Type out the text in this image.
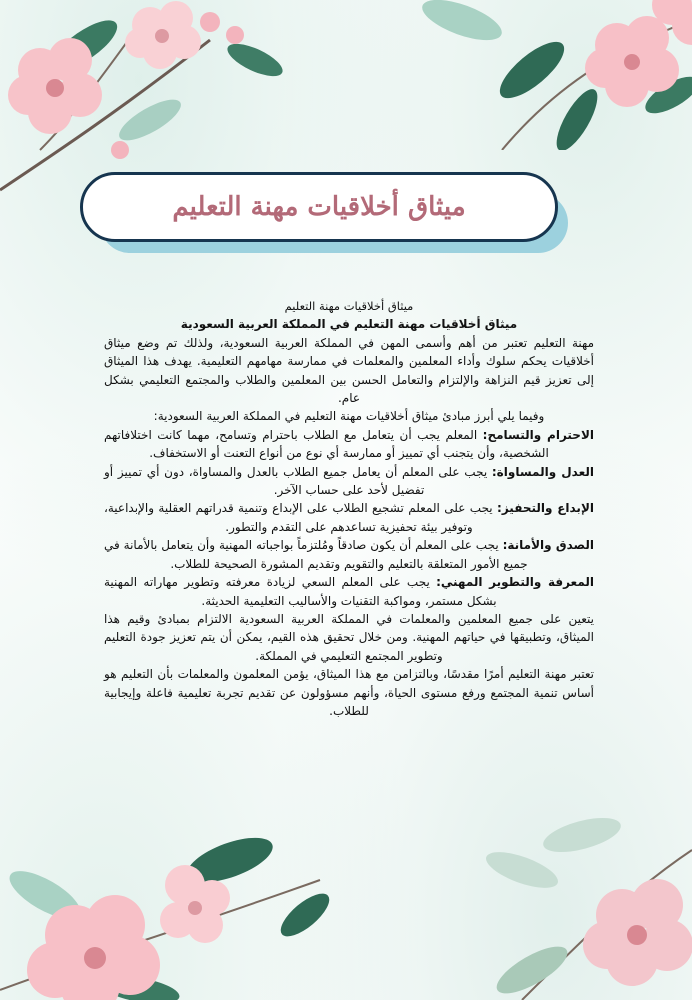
ميثاق أخلاقيات مهنة التعليم

ميثاق أخلاقيات مهنة التعليم

ميثاق أخلاقيات مهنة التعليم في المملكة العربية السعودية

مهنة التعليم تعتبر من أهم وأسمى المهن في المملكة العربية السعودية، ولذلك تم وضع ميثاق أخلاقيات يحكم سلوك وأداء المعلمين والمعلمات في ممارسة مهامهم التعليمية. يهدف هذا الميثاق إلى تعزيز قيم النزاهة والإلتزام والتعامل الحسن بين المعلمين والطلاب والمجتمع التعليمي بشكل عام.

وفيما يلي أبرز مبادئ ميثاق أخلاقيات مهنة التعليم في المملكة العربية السعودية:

الاحترام والتسامح: المعلم يجب أن يتعامل مع الطلاب باحترام وتسامح، مهما كانت اختلافاتهم الشخصية، وأن يتجنب أي تمييز أو ممارسة أي نوع من أنواع التعنت أو الاستخفاف.

العدل والمساواة: يجب على المعلم أن يعامل جميع الطلاب بالعدل والمساواة، دون أي تمييز أو تفضيل لأحد على حساب الآخر.

الإبداع والتحفيز: يجب على المعلم تشجيع الطلاب على الإبداع وتنمية قدراتهم العقلية والإبداعية، وتوفير بيئة تحفيزية تساعدهم على التقدم والتطور.

الصدق والأمانة: يجب على المعلم أن يكون صادقاً ومُلتزماً بواجباته المهنية وأن يتعامل بالأمانة في جميع الأمور المتعلقة بالتعليم والتقويم وتقديم المشورة الصحيحة للطلاب.

المعرفة والتطوير المهني: يجب على المعلم السعي لزيادة معرفته وتطوير مهاراته المهنية بشكل مستمر، ومواكبة التقنيات والأساليب التعليمية الحديثة.

يتعين على جميع المعلمين والمعلمات في المملكة العربية السعودية الالتزام بمبادئ وقيم هذا الميثاق، وتطبيقها في حياتهم المهنية. ومن خلال تحقيق هذه القيم، يمكن أن يتم تعزيز جودة التعليم وتطوير المجتمع التعليمي في المملكة.

تعتبر مهنة التعليم أمرًا مقدسًا، وبالتزامن مع هذا الميثاق، يؤمن المعلمون والمعلمات بأن التعليم هو أساس تنمية المجتمع ورفع مستوى الحياة، وأنهم مسؤولون عن تقديم تجربة تعليمية فاعلة وإيجابية للطلاب.
